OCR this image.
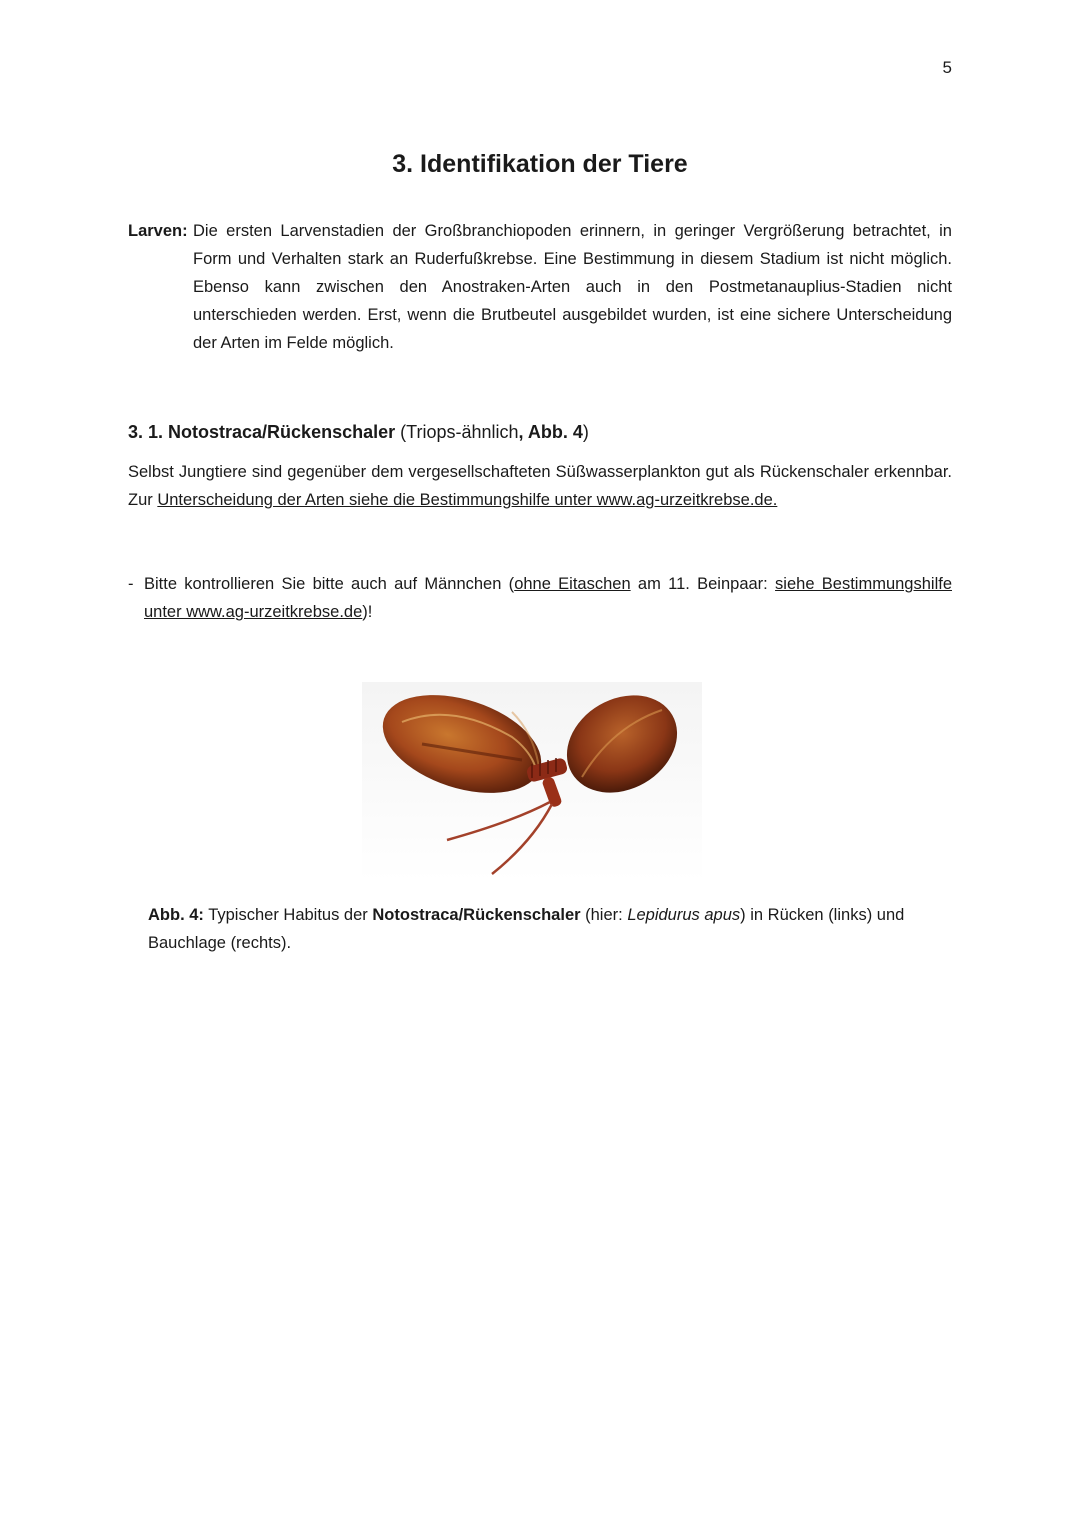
5
3. Identifikation der Tiere
Larven: Die ersten Larvenstadien der Großbranchiopoden erinnern, in geringer Vergrößerung betrachtet, in Form und Verhalten stark an Ruderfußkrebse. Eine Bestimmung in diesem Stadium ist nicht möglich. Ebenso kann zwischen den Anostraken-Arten auch in den Postmetanauplius-Stadien nicht unterschieden werden. Erst, wenn die Brutbeutel ausgebildet wurden, ist eine sichere Unterscheidung der Arten im Felde möglich.
3. 1. Notostraca/Rückenschaler (Triops-ähnlich, Abb. 4)
Selbst Jungtiere sind gegenüber dem vergesellschafteten Süßwasserplankton gut als Rückenschaler erkennbar. Zur Unterscheidung der Arten siehe die Bestimmungshilfe unter www.ag-urzeitkrebse.de.
- Bitte kontrollieren Sie bitte auch auf Männchen (ohne Eitaschen am 11. Beinpaar: siehe Bestimmungshilfe unter www.ag-urzeitkrebse.de)!
Abb. 4: Typischer Habitus der Notostraca/Rückenschaler (hier: Lepidurus apus) in Rücken (links) und Bauchlage (rechts).
